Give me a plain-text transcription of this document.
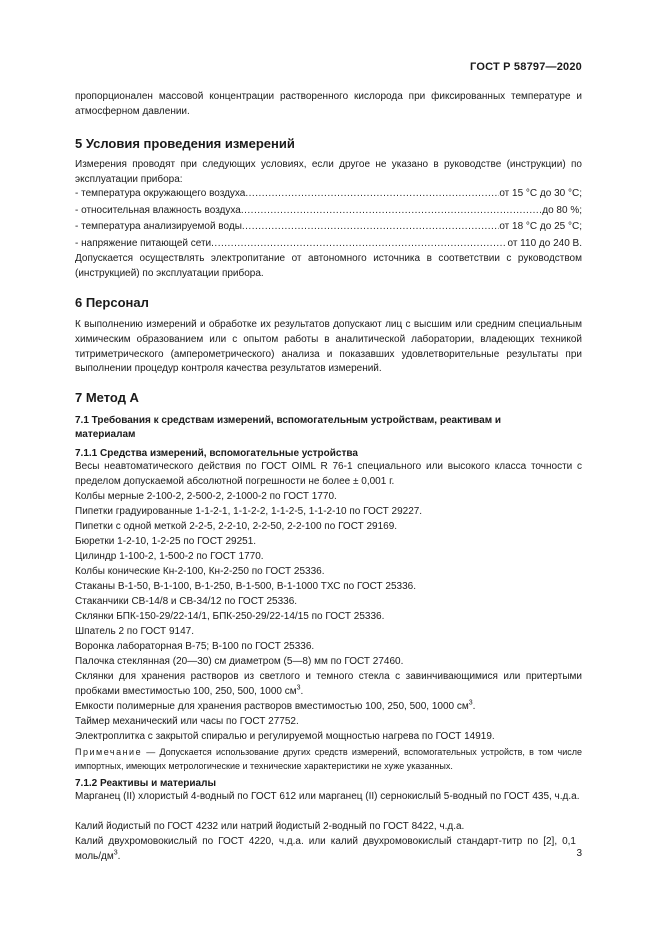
ГОСТ Р 58797—2020
пропорционален массовой концентрации растворенного кислорода при фиксированных температуре и атмосферном давлении.
5 Условия проведения измерений
Измерения проводят при следующих условиях, если другое не указано в руководстве (инструкции) по эксплуатации прибора:
- температура окружающего воздуха .....	от 15 °С до 30 °С;
- относительная влажность воздуха .....	до 80 %;
- температура анализируемой воды .....	от 18 °С до 25 °С;
- напряжение питающей сети .....	от 110 до 240 В.
Допускается осуществлять электропитание от автономного источника в соответствии с руководством (инструкцией) по эксплуатации прибора.
6 Персонал
К выполнению измерений и обработке их результатов допускают лиц с высшим или средним специальным химическим образованием или с опытом работы в аналитической лаборатории, владеющих техникой титриметрического (амперометрического) анализа и показавших удовлетворительные результаты при выполнении процедур контроля качества результатов измерений.
7 Метод А
7.1 Требования к средствам измерений, вспомогательным устройствам, реактивам и материалам
7.1.1 Средства измерений, вспомогательные устройства
Весы неавтоматического действия по ГОСТ OIML R 76-1 специального или высокого класса точности с пределом допускаемой абсолютной погрешности не более ± 0,001 г.
Колбы мерные 2-100-2, 2-500-2, 2-1000-2 по ГОСТ 1770.
Пипетки градуированные 1-1-2-1, 1-1-2-2, 1-1-2-5, 1-1-2-10 по ГОСТ 29227.
Пипетки с одной меткой 2-2-5, 2-2-10, 2-2-50, 2-2-100 по ГОСТ 29169.
Бюретки 1-2-10, 1-2-25 по ГОСТ 29251.
Цилиндр 1-100-2, 1-500-2 по ГОСТ 1770.
Колбы конические Кн-2-100, Кн-2-250 по ГОСТ 25336.
Стаканы В-1-50, В-1-100, В-1-250, В-1-500, В-1-1000 ТХС по ГОСТ 25336.
Стаканчики СВ-14/8 и СВ-34/12 по ГОСТ 25336.
Склянки БПК-150-29/22-14/1, БПК-250-29/22-14/15 по ГОСТ 25336.
Шпатель 2 по ГОСТ 9147.
Воронка лабораторная В-75; В-100 по ГОСТ 25336.
Палочка стеклянная (20—30) см диаметром (5—8) мм по ГОСТ 27460.
Склянки для хранения растворов из светлого и темного стекла с завинчивающимися или притертыми пробками вместимостью 100, 250, 500, 1000 $см^3$.
Емкости полимерные для хранения растворов вместимостью 100, 250, 500, 1000 $см^3$.
Таймер механический или часы по ГОСТ 27752.
Электроплитка с закрытой спиралью и регулируемой мощностью нагрева по ГОСТ 14919.
Примечание — Допускается использование других средств измерений, вспомогательных устройств, в том числе импортных, имеющих метрологические и технические характеристики не хуже указанных.
7.1.2 Реактивы и материалы
Марганец (II) хлористый 4-водный по ГОСТ 612 или марганец (II) сернокислый 5-водный по ГОСТ 435, ч.д.а.
Калий йодистый по ГОСТ 4232 или натрий йодистый 2-водный по ГОСТ 8422, ч.д.а.
Калий двухромовокислый по ГОСТ 4220, ч.д.а. или калий двухромовокислый стандарт-титр по [2], 0,1 моль/$дм^3$.	3
